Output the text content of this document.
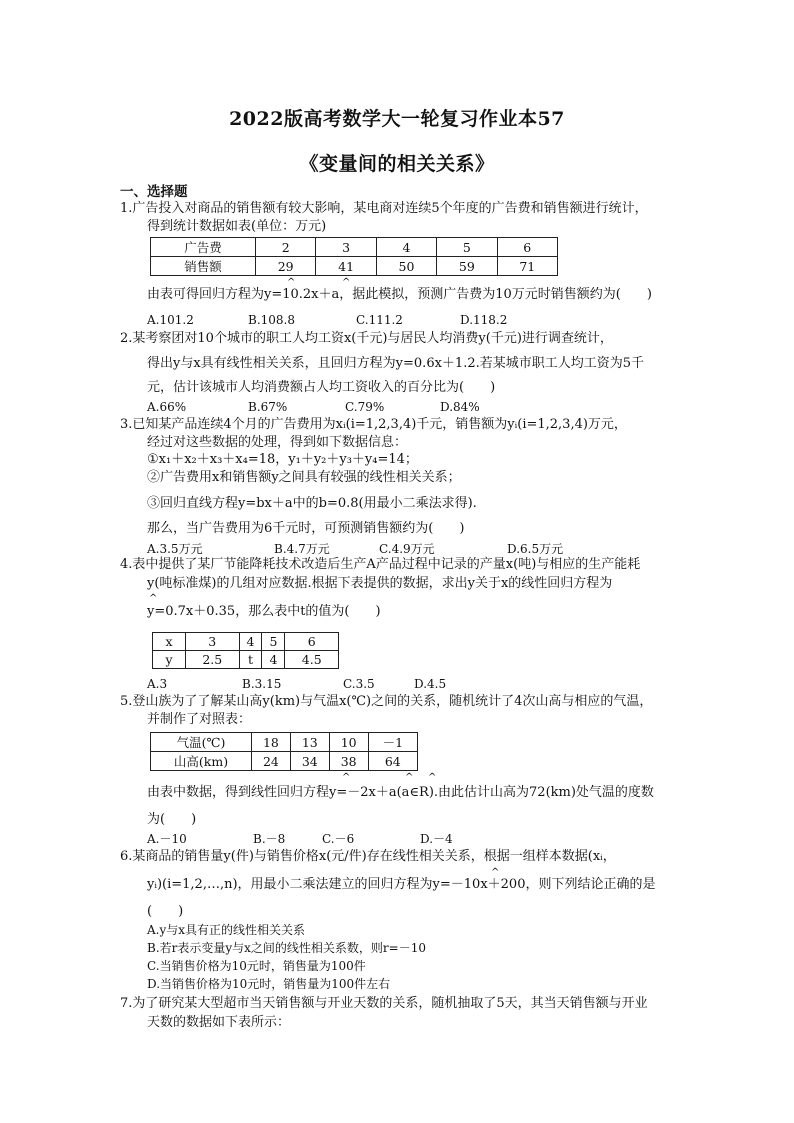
2022版高考数学大一轮复习作业本57
《变量间的相关关系》
一、选择题
1.广告投入对商品的销售额有较大影响，某电商对连续5个年度的广告费和销售额进行统计，
得到统计数据如表(单位：万元)
广告费	2	3	4	5	6
销售额	29	41	50	59	71
^	^
由表可得回归方程为y=10.2x＋a，据此模拟，预测广告费为10万元时销售额约为(　　)
A.101.2	B.108.8	C.111.2	D.118.2
2.某考察团对10个城市的职工人均工资x(千元)与居民人均消费y(千元)进行调查统计，
得出y与x具有线性相关关系，且回归方程为y=0.6x＋1.2.若某城市职工人均工资为5千
元，估计该城市人均消费额占人均工资收入的百分比为(　　)
A.66%	B.67%	C.79%	D.84%
3.已知某产品连续4个月的广告费用为xᵢ(i=1,2,3,4)千元，销售额为yᵢ(i=1,2,3,4)万元，
经过对这些数据的处理，得到如下数据信息：
①x₁＋x₂＋x₃＋x₄=18，y₁＋y₂＋y₃＋y₄=14；
②广告费用x和销售额y之间具有较强的线性相关关系；
③回归直线方程y=bx＋a中的b=0.8(用最小二乘法求得).
那么，当广告费用为6千元时，可预测销售额约为(　　)
A.3.5万元	B.4.7万元	C.4.9万元	D.6.5万元
4.表中提供了某厂节能降耗技术改造后生产A产品过程中记录的产量x(吨)与相应的生产能耗
y(吨标准煤)的几组对应数据.根据下表提供的数据，求出y关于x的线性回归方程为
^
y=0.7x＋0.35，那么表中t的值为(　　)
x	3	4	5	6
y	2.5	t	4	4.5
A.3	B.3.15	C.3.5	D.4.5
5.登山族为了了解某山高y(km)与气温x(℃)之间的关系，随机统计了4次山高与相应的气温，
并制作了对照表：
气温(℃)	18	13	10	－1
山高(km)	24	34	38	64
^	^ ^
由表中数据，得到线性回归方程y=－2x＋a(a∈R).由此估计山高为72(km)处气温的度数
为(　　)
A.－10	B.－8	C.－6	D.－4
6.某商品的销售量y(件)与销售价格x(元/件)存在线性相关关系，根据一组样本数据(xᵢ，
^
yᵢ)(i=1,2,…,n)，用最小二乘法建立的回归方程为y=－10x＋200，则下列结论正确的是
(　　)
A.y与x具有正的线性相关关系
B.若r表示变量y与x之间的线性相关系数，则r=－10
C.当销售价格为10元时，销售量为100件
D.当销售价格为10元时，销售量为100件左右
7.为了研究某大型超市当天销售额与开业天数的关系，随机抽取了5天，其当天销售额与开业
天数的数据如下表所示：
